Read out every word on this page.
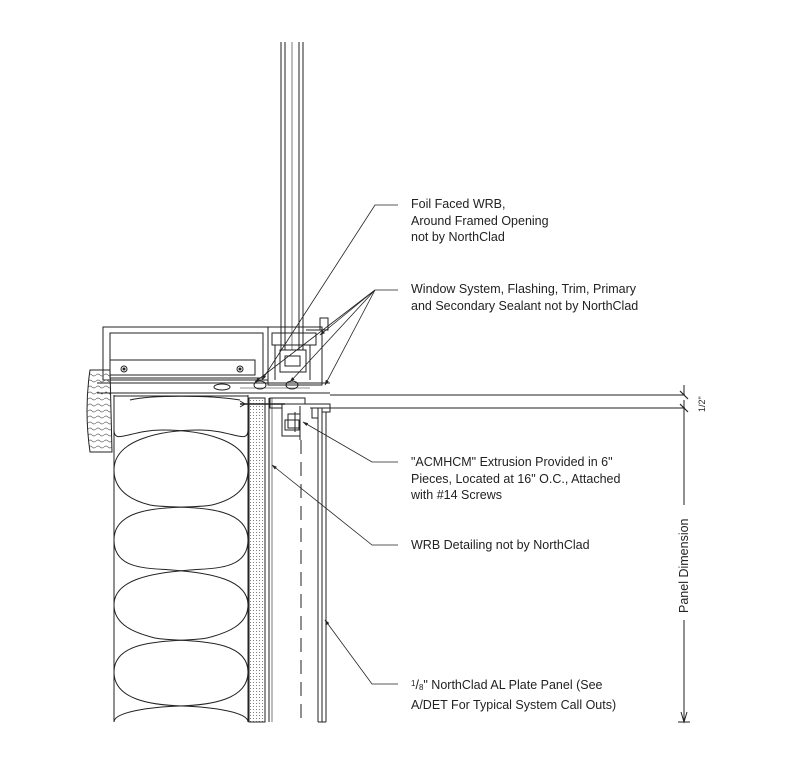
Foil Faced WRB,
Around Framed Opening
not by NorthClad
Window System, Flashing, Trim, Primary
and Secondary Sealant not by NorthClad
"ACMHCM" Extrusion Provided in 6"
Pieces, Located at 16" O.C., Attached
with #14 Screws
WRB Detailing not by NorthClad
$^1$/8" NorthClad AL Plate Panel (See
A/DET For Typical System Call Outs)
Panel Dimension
1/2"
